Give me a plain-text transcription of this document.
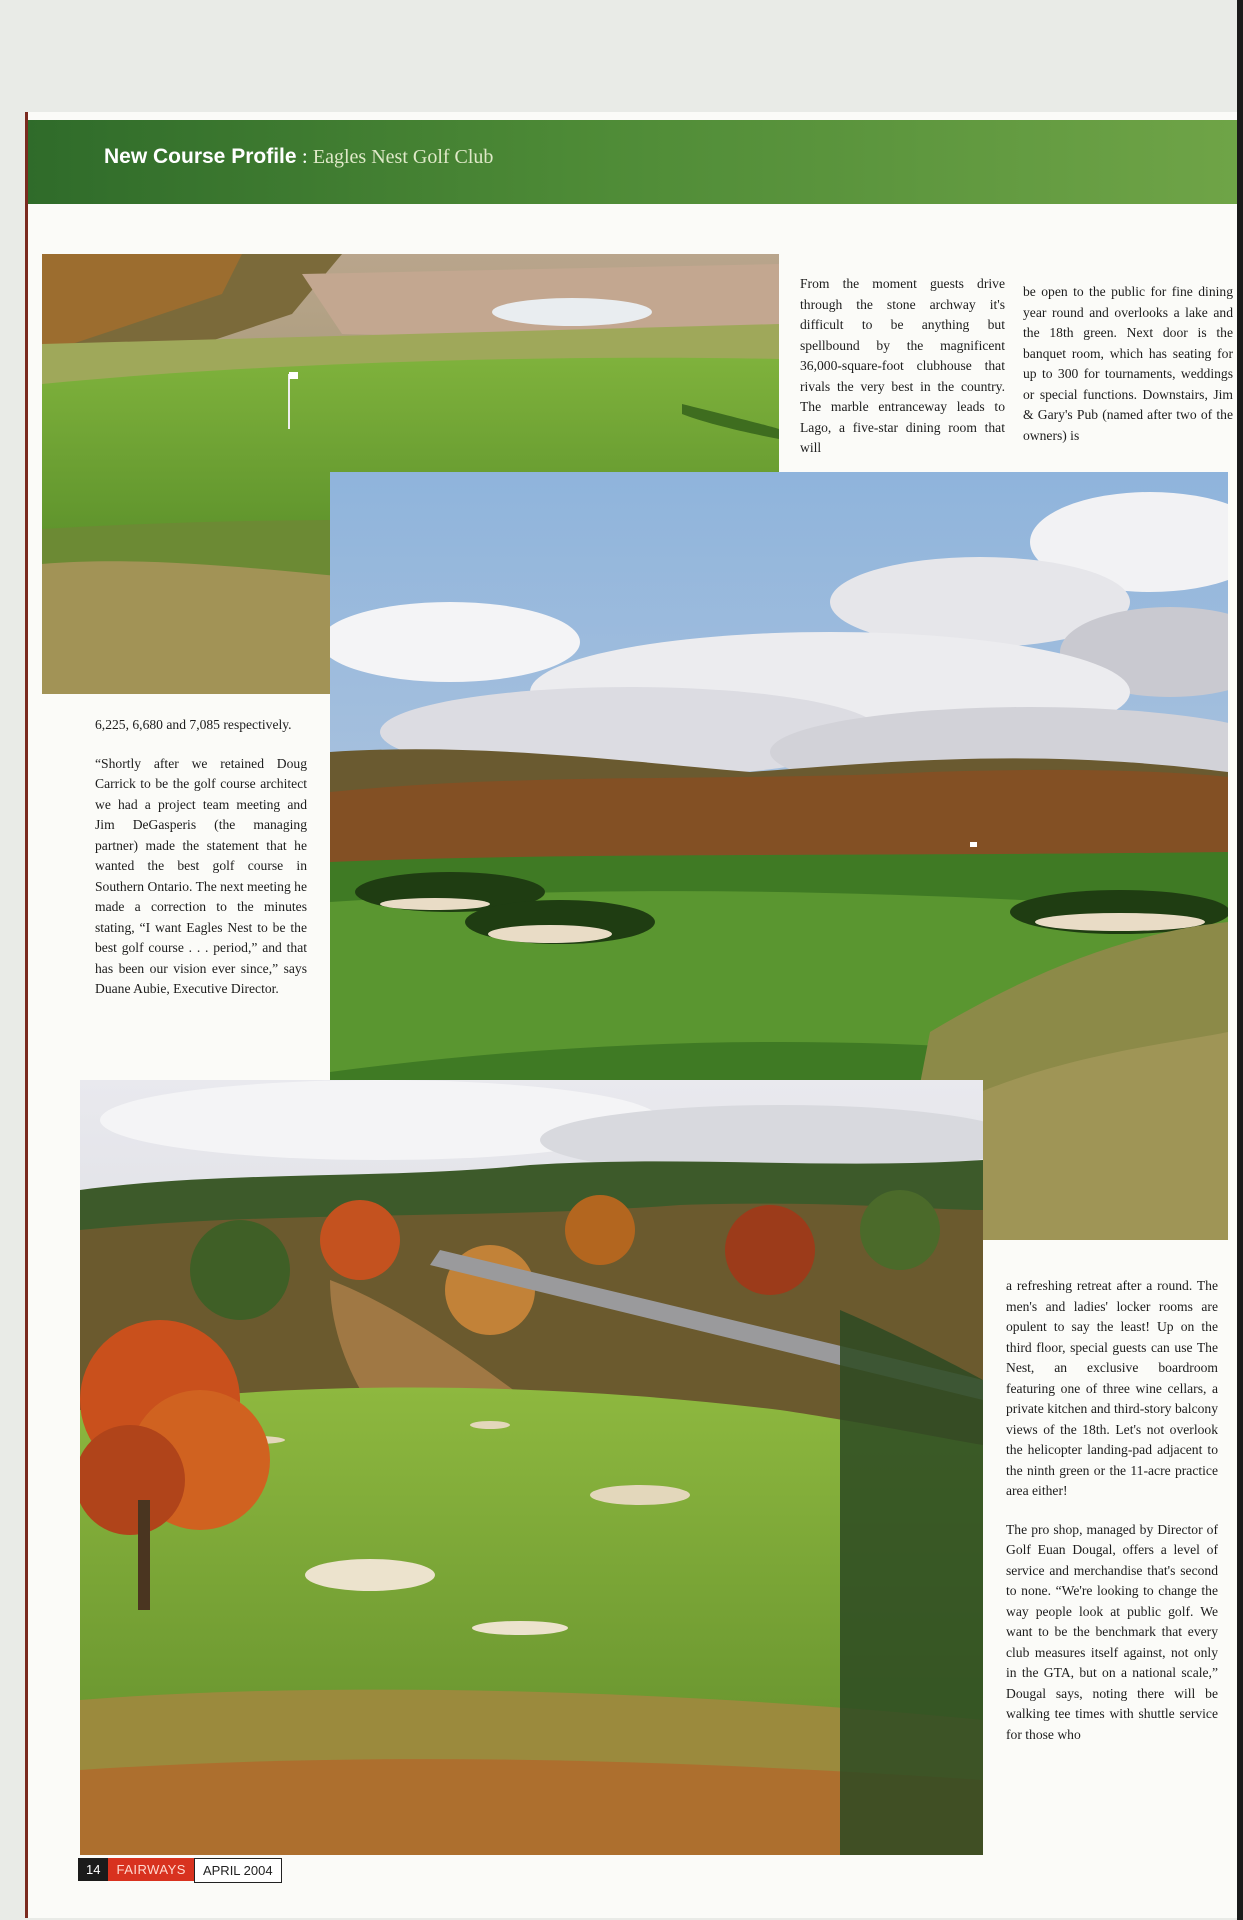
New Course Profile : Eagles Nest Golf Club

From the moment guests drive through the stone archway it's difficult to be anything but spellbound by the magnificent 36,000-square-foot clubhouse that rivals the very best in the country. The marble entranceway leads to Lago, a five-star dining room that will

be open to the public for fine dining year round and overlooks a lake and the 18th green. Next door is the banquet room, which has seating for up to 300 for tournaments, weddings or special functions. Downstairs, Jim & Gary's Pub (named after two of the owners) is

6,225, 6,680 and 7,085 respectively.

“Shortly after we retained Doug Carrick to be the golf course architect we had a project team meeting and Jim DeGasperis (the managing partner) made the statement that he wanted the best golf course in Southern Ontario. The next meeting he made a correction to the minutes stating, “I want Eagles Nest to be the best golf course . . . period,” and that has been our vision ever since,” says Duane Aubie, Executive Director.

a refreshing retreat after a round. The men's and ladies' locker rooms are opulent to say the least! Up on the third floor, special guests can use The Nest, an exclusive boardroom featuring one of three wine cellars, a private kitchen and third-story balcony views of the 18th. Let's not overlook the helicopter landing-pad adjacent to the ninth green or the 11-acre practice area either!

The pro shop, managed by Director of Golf Euan Dougal, offers a level of service and merchandise that's second to none. “We're looking to change the way people look at public golf. We want to be the benchmark that every club measures itself against, not only in the GTA, but on a national scale,” Dougal says, noting there will be walking tee times with shuttle service for those who

14	FAIRWAYS	APRIL 2004
